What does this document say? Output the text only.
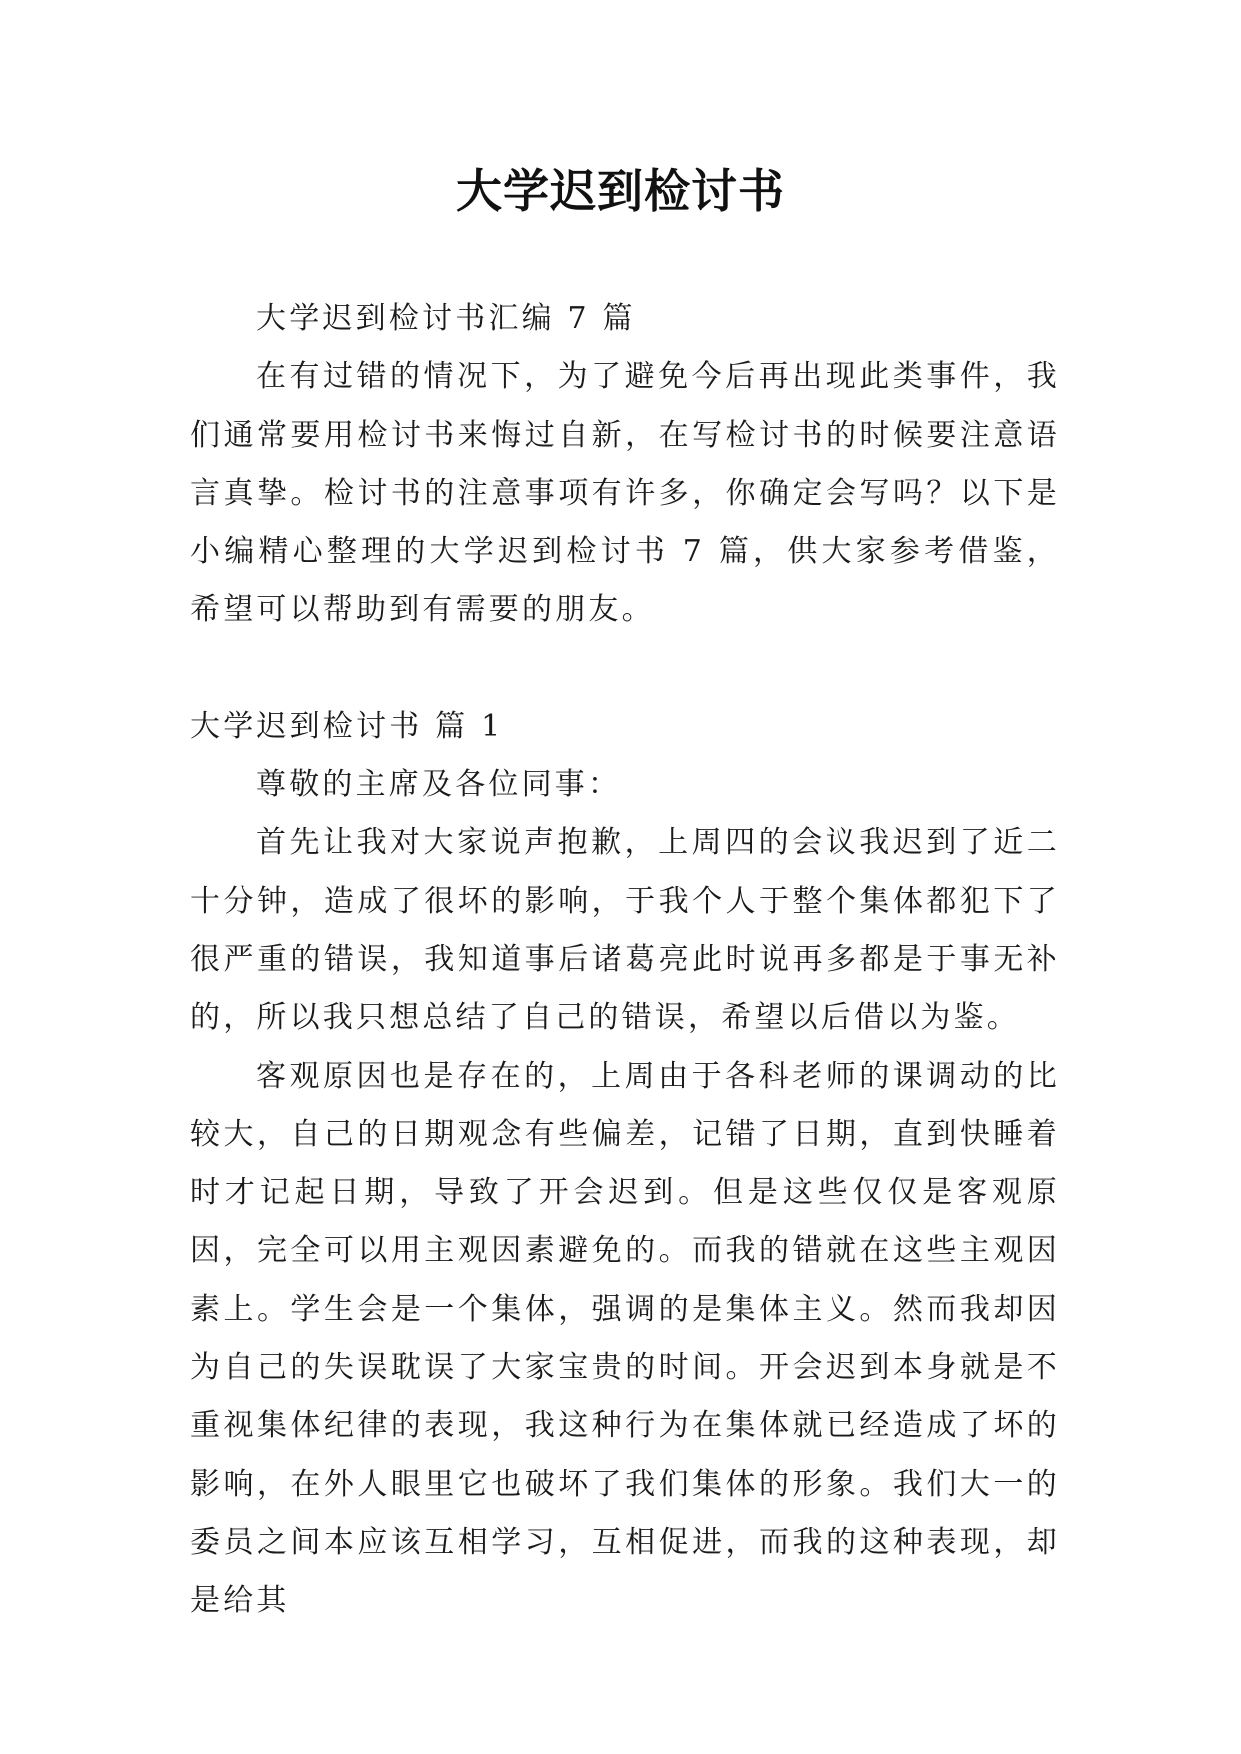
大学迟到检讨书

大学迟到检讨书汇编 7 篇

在有过错的情况下，为了避免今后再出现此类事件，我们通常要用检讨书来悔过自新，在写检讨书的时候要注意语言真挚。检讨书的注意事项有许多，你确定会写吗？以下是小编精心整理的大学迟到检讨书 7 篇，供大家参考借鉴，希望可以帮助到有需要的朋友。

大学迟到检讨书 篇 1

尊敬的主席及各位同事：

首先让我对大家说声抱歉，上周四的会议我迟到了近二十分钟，造成了很坏的影响，于我个人于整个集体都犯下了很严重的错误，我知道事后诸葛亮此时说再多都是于事无补的，所以我只想总结了自己的错误，希望以后借以为鉴。

客观原因也是存在的，上周由于各科老师的课调动的比较大，自己的日期观念有些偏差，记错了日期，直到快睡着时才记起日期，导致了开会迟到。但是这些仅仅是客观原因，完全可以用主观因素避免的。而我的错就在这些主观因素上。学生会是一个集体，强调的是集体主义。然而我却因为自己的失误耽误了大家宝贵的时间。开会迟到本身就是不重视集体纪律的表现，我这种行为在集体就已经造成了坏的影响，在外人眼里它也破坏了我们集体的形象。我们大一的委员之间本应该互相学习，互相促进，而我的这种表现，却是给其
